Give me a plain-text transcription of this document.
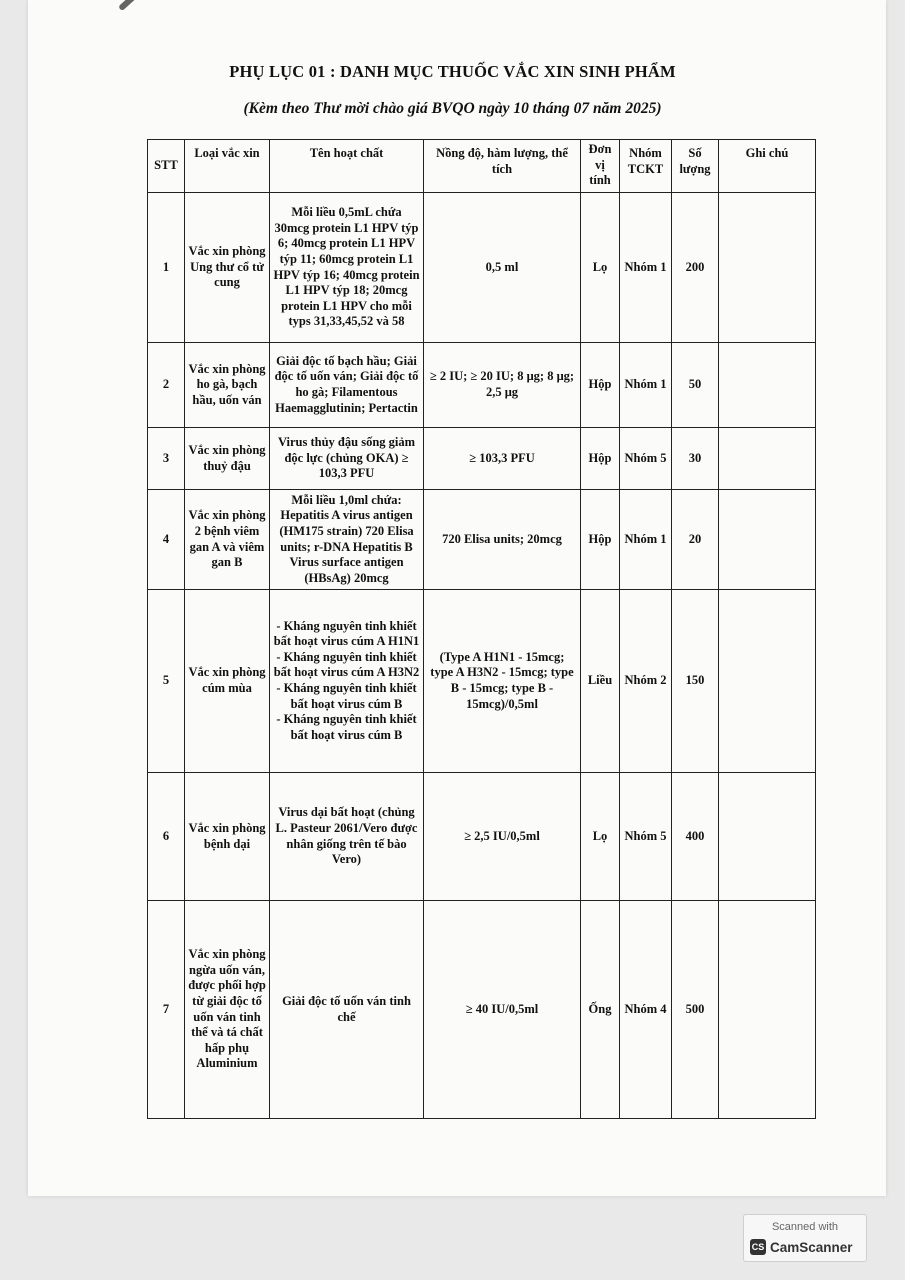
PHỤ LỤC 01 : DANH MỤC THUỐC VẮC XIN SINH PHẨM
(Kèm theo Thư mời chào giá BVQO ngày 10 tháng 07 năm 2025)
STT	Loại vắc xin	Tên hoạt chất	Nồng độ, hàm lượng, thể tích	Đơn vị tính	Nhóm TCKT	Số lượng	Ghi chú
1	Vắc xin phòng Ung thư cổ tử cung	Mỗi liều 0,5mL chứa 30mcg protein L1 HPV týp 6; 40mcg protein L1 HPV týp 11; 60mcg protein L1 HPV týp 16; 40mcg protein L1 HPV týp 18; 20mcg protein L1 HPV cho mỗi typs 31,33,45,52 và 58	0,5 ml	Lọ	Nhóm 1	200	
2	Vắc xin phòng ho gà, bạch hầu, uốn ván	Giải độc tố bạch hầu; Giải độc tố uốn ván; Giải độc tố ho gà; Filamentous Haemagglutinin; Pertactin	≥ 2 IU; ≥ 20 IU; 8 μg; 8 μg; 2,5 μg	Hộp	Nhóm 1	50	
3	Vắc xin phòng thuỷ đậu	Virus thủy đậu sống giảm độc lực (chủng OKA) ≥ 103,3 PFU	≥ 103,3 PFU	Hộp	Nhóm 5	30	
4	Vắc xin phòng 2 bệnh viêm gan A và viêm gan B	Mỗi liều 1,0ml chứa: Hepatitis A virus antigen (HM175 strain) 720 Elisa units; r-DNA Hepatitis B Virus surface antigen (HBsAg) 20mcg	720 Elisa units; 20mcg	Hộp	Nhóm 1	20	
5	Vắc xin phòng cúm mùa	- Kháng nguyên tinh khiết bất hoạt virus cúm A H1N1
- Kháng nguyên tinh khiết bất hoạt virus cúm A H3N2
- Kháng nguyên tinh khiết bất hoạt virus cúm B
- Kháng nguyên tinh khiết bất hoạt virus cúm B	(Type A H1N1 - 15mcg; type A H3N2 - 15mcg; type B - 15mcg; type B - 15mcg)/0,5ml	Liều	Nhóm 2	150	
6	Vắc xin phòng bệnh dại	Virus dại bất hoạt (chủng L. Pasteur 2061/Vero được nhân giống trên tế bào Vero)	≥ 2,5 IU/0,5ml	Lọ	Nhóm 5	400	
7	Vắc xin phòng ngừa uốn ván, được phối hợp từ giải độc tố uốn ván tinh thể và tá chất hấp phụ Aluminium	Giải độc tố uốn ván tinh chế	≥ 40 IU/0,5ml	Ống	Nhóm 4	500	
Scanned with
CS CamScanner
